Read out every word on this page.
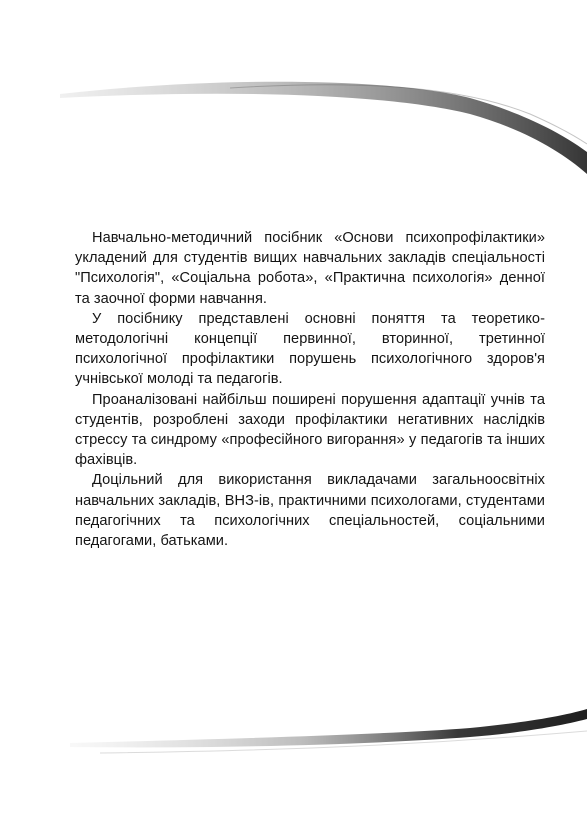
Навчально-методичний посібник «Основи психопрофілактики» укладений для студентів вищих навчальних закладів спеціальності "Психологія", «Соціальна робота», «Практична психологія» денної та заочної форми навчання.

У посібнику представлені основні поняття та теоретико-методологічні концепції первинної, вторинної, третинної психологічної профілактики порушень психологічного здоров'я учнівської молоді та педагогів.

Проаналізовані найбільш поширені порушення адаптації учнів та студентів, розроблені заходи профілактики негативних наслідків стрессу та синдрому «професійного вигорання» у педагогів та інших фахівців.

Доцільний для використання викладачами загальноосвітніх навчальних закладів, ВНЗ-ів, практичними психологами, студентами педагогічних та психологічних спеціальностей, соціальними педагогами, батьками.
